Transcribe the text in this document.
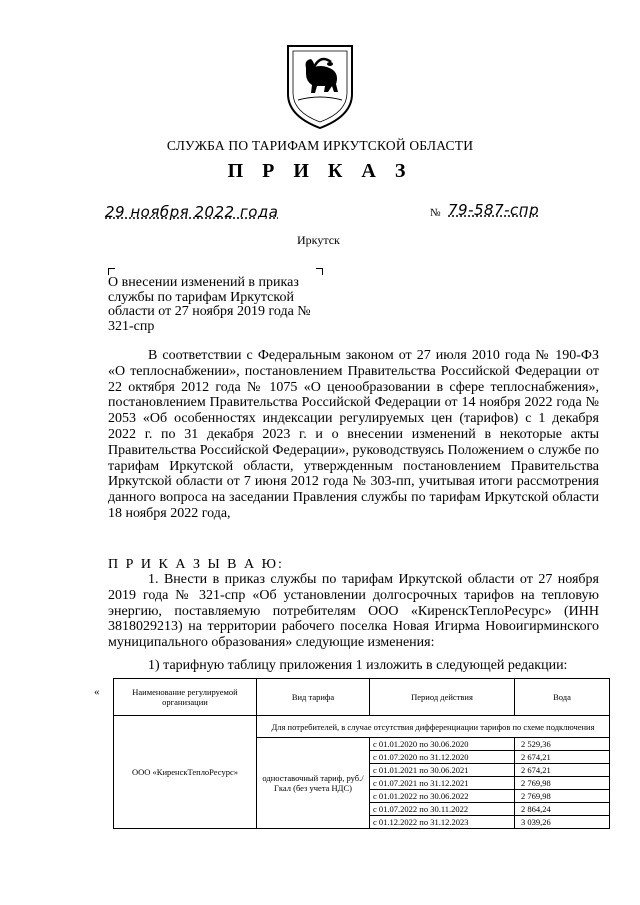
СЛУЖБА ПО ТАРИФАМ ИРКУТСКОЙ ОБЛАСТИ
П Р И К А З
29 ноября 2022 года	№ 79-587-спр
Иркутск
О внесении изменений в приказ службы по тарифам Иркутской области от 27 ноября 2019 года № 321-спр
В соответствии с Федеральным законом от 27 июля 2010 года № 190-ФЗ «О теплоснабжении», постановлением Правительства Российской Федерации от 22 октября 2012 года № 1075 «О ценообразовании в сфере теплоснабжения», постановлением Правительства Российской Федерации от 14 ноября 2022 года № 2053 «Об особенностях индексации регулируемых цен (тарифов) с 1 декабря 2022 г. по 31 декабря 2023 г. и о внесении изменений в некоторые акты Правительства Российской Федерации», руководствуясь Положением о службе по тарифам Иркутской области, утвержденным постановлением Правительства Иркутской области от 7 июня 2012 года № 303-пп, учитывая итоги рассмотрения данного вопроса на заседании Правления службы по тарифам Иркутской области 18 ноября 2022 года,
П Р И К А З Ы В А Ю:
1. Внести в приказ службы по тарифам Иркутской области от 27 ноября 2019 года № 321-спр «Об установлении долгосрочных тарифов на тепловую энергию, поставляемую потребителям ООО «КиренскТеплоРесурс» (ИНН 3818029213) на территории рабочего поселка Новая Игирма Новоигирминского муниципального образования» следующие изменения:
1) тарифную таблицу приложения 1 изложить в следующей редакции:
«	Наименование регулируемой организации	Вид тарифа	Период действия	Вода
ООО «КиренскТеплоРесурс»	Для потребителей, в случае отсутствия дифференциации тарифов по схеме подключения		
	одноставочный тариф, руб./Гкал (без учета НДС)	с 01.01.2020 по 30.06.2020	2 529,36
		с 01.07.2020 по 31.12.2020	2 674,21
		с 01.01.2021 по 30.06.2021	2 674,21
		с 01.07.2021 по 31.12.2021	2 769,98
		с 01.01.2022 по 30.06.2022	2 769,98
		с 01.07.2022 по 30.11.2022	2 864,24
		с 01.12.2022 по 31.12.2023	3 039,26
